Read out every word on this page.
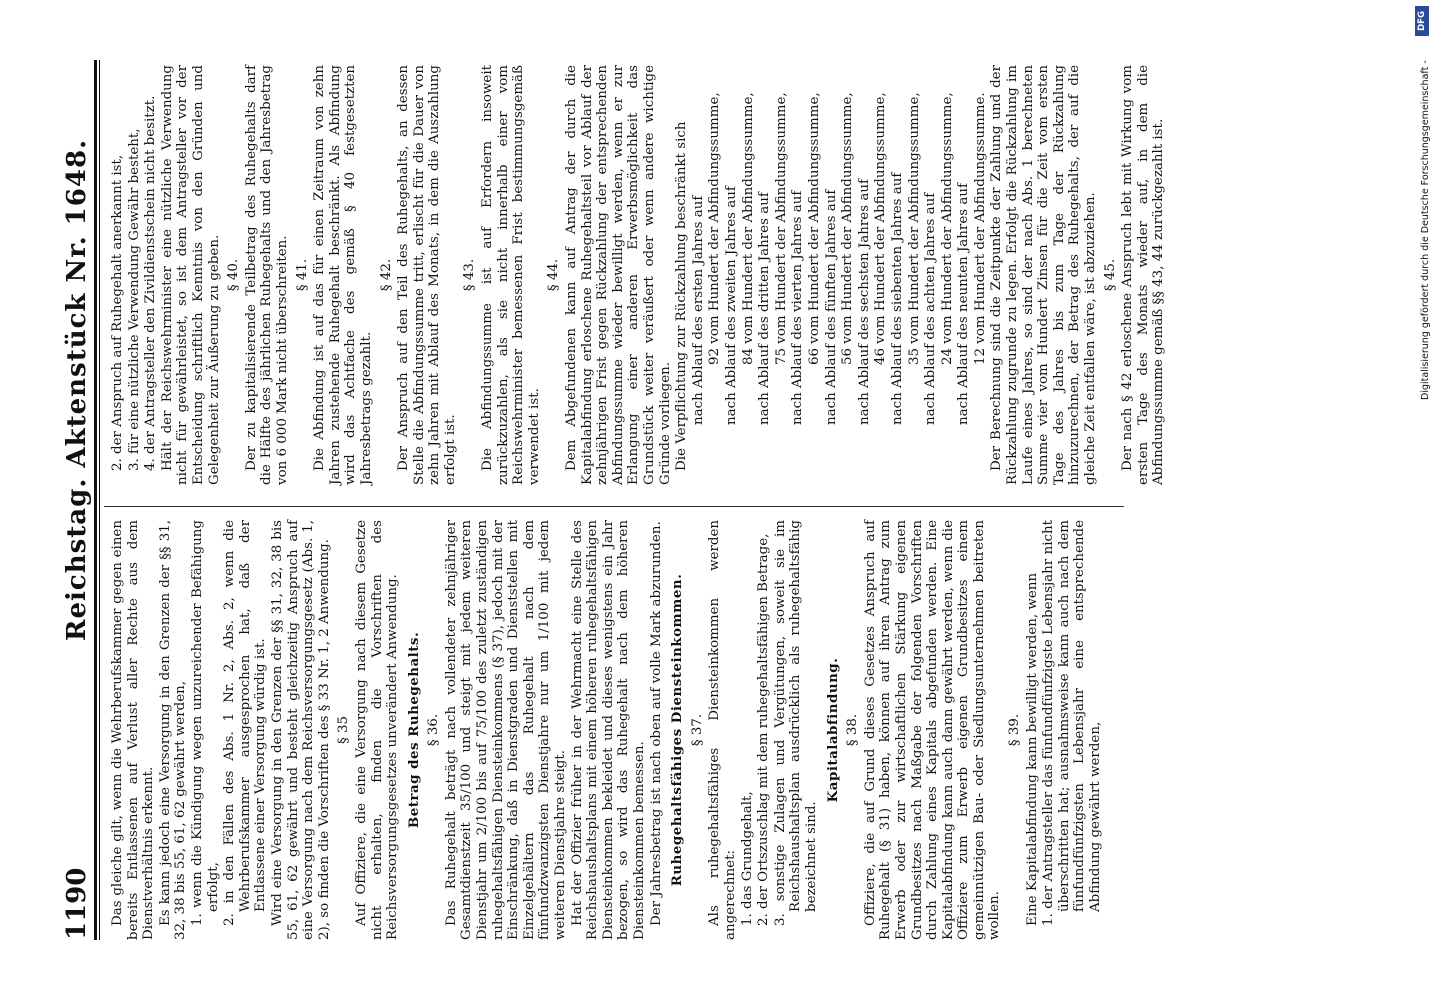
1190
Reichstag. Aktenstück Nr. 1648.

Das gleiche gilt, wenn die Wehrberufskammer gegen einen bereits Entlassenen auf Verlust aller Rechte aus dem Dienstverhältnis erkennt. Es kann jedoch eine Versorgung in den Grenzen der §§ 31, 32, 38 bis 55, 61, 62 gewährt werden, 1. wenn die Kündigung wegen unzureichender Befähigung erfolgt, 2. in den Fällen des Abs. 1 Nr. 2, Abs. 2, wenn die Wehrberufskammer ausgesprochen hat, daß der Entlassene einer Versorgung würdig ist. Wird eine Versorgung in den Grenzen der §§ 31, 32, 38 bis 55, 61, 62 gewährt und besteht gleichzeitig Anspruch auf eine Versorgung nach dem Reichsversorgungsgesetz (Abs. 1, 2), so finden die Vorschriften des § 33 Nr. 1, 2 Anwendung. § 35 Auf Offiziere, die eine Versorgung nach diesem Gesetze nicht erhalten, finden die Vorschriften des Reichsversorgungsgesetzes unverändert Anwendung. Betrag des Ruhegehalts. § 36. Das Ruhegehalt beträgt nach vollendeter zehnjähriger Gesamtdienstzeit 35/100 und steigt mit jedem weiteren Dienstjahr um 2/100 bis auf 75/100 des zuletzt zuständigen ruhegehaltsfähigen Diensteinkommens (§ 37), jedoch mit der Einschränkung, daß in Dienstgraden und Dienststellen mit Einzelgehältern das Ruhegehalt nach dem fünfundzwanzigsten Dienstjahre nur um 1/100 mit jedem weiteren Dienstjahre steigt. Hat der Offizier früher in der Wehrmacht eine Stelle des Reichshaushaltsplans mit einem höheren ruhegehaltsfähigen Diensteinkommen bekleidet und dieses wenigstens ein Jahr bezogen, so wird das Ruhegehalt nach dem höheren Diensteinkommen bemessen. Der Jahresbetrag ist nach oben auf volle Mark abzurunden. Ruhegehaltsfähiges Diensteinkommen. § 37. Als ruhegehaltsfähiges Diensteinkommen werden angerechnet: 1. das Grundgehalt, 2. der Ortszuschlag mit dem ruhegehaltsfähigen Betrage, 3. sonstige Zulagen und Vergütungen, soweit sie im Reichshaushaltsplan ausdrücklich als ruhegehaltsfähig bezeichnet sind.

Kapitalabfindung. § 38. Offiziere, die auf Grund dieses Gesetzes Anspruch auf Ruhegehalt (§ 31) haben, können auf ihren Antrag zum Erwerb oder zur wirtschaftlichen Stärkung eigenen Grundbesitzes nach Maßgabe der folgenden Vorschriften durch Zahlung eines Kapitals abgefunden werden. Eine Kapitalabfindung kann auch dann gewährt werden, wenn die Offiziere zum Erwerb eigenen Grundbesitzes einem gemeinnützigen Bau- oder Siedlungsunternehmen beitreten wollen.

§ 39. Eine Kapitalabfindung kann bewilligt werden, wenn 1. der Antragsteller das fünfundfünfzigste Lebensjahr nicht überschritten hat; ausnahmsweise kann auch nach dem fünfundfünfzigsten Lebensjahr eine entsprechende Abfindung gewährt werden,

2. der Anspruch auf Ruhegehalt anerkannt ist, 3. für eine nützliche Verwendung Gewähr besteht, 4. der Antragsteller den Zivildienstschein nicht besitzt. Hält der Reichswehrminister eine nützliche Verwendung nicht für gewährleistet, so ist dem Antragsteller vor der Entscheidung schriftlich Kenntnis von den Gründen und Gelegenheit zur Äußerung zu geben. § 40. Der zu kapitalisierende Teilbetrag des Ruhegehalts darf die Hälfte des jährlichen Ruhegehalts und den Jahresbetrag von 6 000 Mark nicht überschreiten. § 41. Die Abfindung ist auf das für einen Zeitraum von zehn Jahren zustehende Ruhegehalt beschränkt. Als Abfindung wird das Achtfache des gemäß § 40 festgesetzten Jahresbetrags gezahlt.

§ 42. Der Anspruch auf den Teil des Ruhegehalts, an dessen Stelle die Abfindungssumme tritt, erlischt für die Dauer von zehn Jahren mit Ablauf des Monats, in dem die Auszahlung erfolgt ist.

§ 43. Die Abfindungssumme ist auf Erfordern insoweit zurückzuzahlen, als sie nicht innerhalb einer vom Reichswehrminister bemessenen Frist bestimmungsgemäß verwendet ist.

§ 44. Dem Abgefundenen kann auf Antrag der durch die Kapitalabfindung erloschene Ruhegehaltsteil vor Ablauf der zehnjährigen Frist gegen Rückzahlung der entsprechenden Abfindungssumme wieder bewilligt werden, wenn er zur Erlangung einer anderen Erwerbsmöglichkeit das Grundstück weiter veräußert oder wenn andere wichtige Gründe vorliegen. Die Verpflichtung zur Rückzahlung beschränkt sich nach Ablauf des ersten Jahres auf 92 vom Hundert der Abfindungssumme, nach Ablauf des zweiten Jahres auf 84 vom Hundert der Abfindungssumme, nach Ablauf des dritten Jahres auf 75 vom Hundert der Abfindungssumme, nach Ablauf des vierten Jahres auf 66 vom Hundert der Abfindungssumme, nach Ablauf des fünften Jahres auf 56 vom Hundert der Abfindungssumme, nach Ablauf des sechsten Jahres auf 46 vom Hundert der Abfindungssumme, nach Ablauf des siebenten Jahres auf 35 vom Hundert der Abfindungssumme, nach Ablauf des achten Jahres auf 24 vom Hundert der Abfindungssumme, nach Ablauf des neunten Jahres auf 12 vom Hundert der Abfindungssumme. Der Berechnung sind die Zeitpunkte der Zahlung und der Rückzahlung zugrunde zu legen. Erfolgt die Rückzahlung im Laufe eines Jahres, so sind der nach Abs. 1 berechneten Summe vier vom Hundert Zinsen für die Zeit vom ersten Tage des Jahres bis zum Tage der Rückzahlung hinzuzurechnen, der Betrag des Ruhegehalts, der auf die gleiche Zeit entfallen wäre, ist abzuziehen. § 45. Der nach § 42 erloschene Anspruch lebt mit Wirkung vom ersten Tage des Monats wieder auf, in dem die Abfindungssumme gemäß §§ 43, 44 zurückgezahlt ist.	Digitalisierung gefördert durch die Deutsche Forschungsgemeinschaft -
DFG
